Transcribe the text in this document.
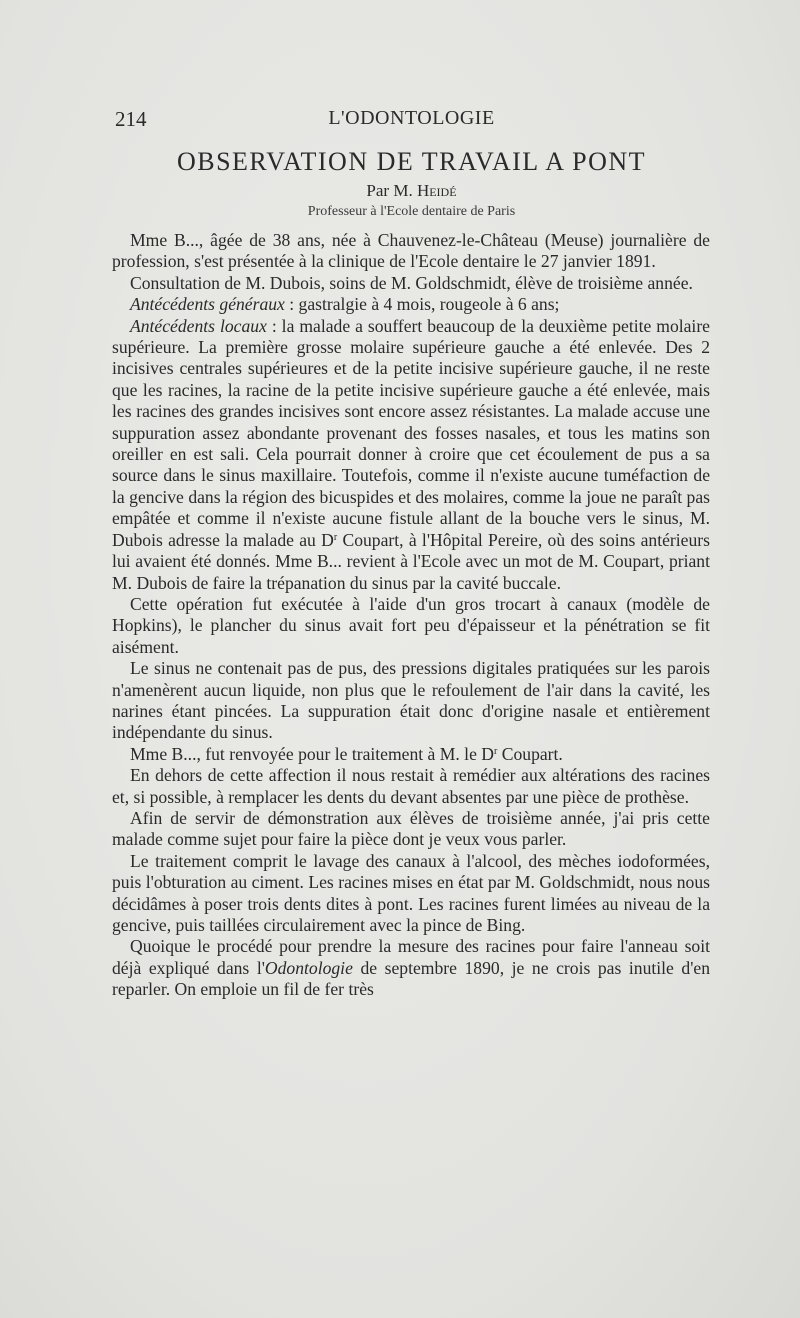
214	L'ODONTOLOGIE
OBSERVATION DE TRAVAIL A PONT
Par M. Heidé
Professeur à l'Ecole dentaire de Paris

Mme B..., âgée de 38 ans, née à Chauvenez-le-Château (Meuse) journalière de profession, s'est présentée à la clinique de l'Ecole dentaire le 27 janvier 1891.

Consultation de M. Dubois, soins de M. Goldschmidt, élève de troisième année.

Antécédents généraux : gastralgie à 4 mois, rougeole à 6 ans;

Antécédents locaux : la malade a souffert beaucoup de la deuxième petite molaire supérieure. La première grosse molaire supérieure gauche a été enlevée. Des 2 incisives centrales supérieures et de la petite incisive supérieure gauche, il ne reste que les racines, la racine de la petite incisive supérieure gauche a été enlevée, mais les racines des grandes incisives sont encore assez résistantes. La malade accuse une suppuration assez abondante provenant des fosses nasales, et tous les matins son oreiller en est sali. Cela pourrait donner à croire que cet écoulement de pus a sa source dans le sinus maxillaire. Toutefois, comme il n'existe aucune tuméfaction de la gencive dans la région des bicuspides et des molaires, comme la joue ne paraît pas empâtée et comme il n'existe aucune fistule allant de la bouche vers le sinus, M. Dubois adresse la malade au $D^r$ Coupart, à l'Hôpital Pereire, où des soins antérieurs lui avaient été donnés. Mme B... revient à l'Ecole avec un mot de M. Coupart, priant M. Dubois de faire la trépanation du sinus par la cavité buccale.

Cette opération fut exécutée à l'aide d'un gros trocart à canaux (modèle de Hopkins), le plancher du sinus avait fort peu d'épaisseur et la pénétration se fit aisément.

Le sinus ne contenait pas de pus, des pressions digitales pratiquées sur les parois n'amenèrent aucun liquide, non plus que le refoulement de l'air dans la cavité, les narines étant pincées. La suppuration était donc d'origine nasale et entièrement indépendante du sinus.

Mme B..., fut renvoyée pour le traitement à M. le $D^r$ Coupart.

En dehors de cette affection il nous restait à remédier aux altérations des racines et, si possible, à remplacer les dents du devant absentes par une pièce de prothèse.

Afin de servir de démonstration aux élèves de troisième année, j'ai pris cette malade comme sujet pour faire la pièce dont je veux vous parler.

Le traitement comprit le lavage des canaux à l'alcool, des mèches iodoformées, puis l'obturation au ciment. Les racines mises en état par M. Goldschmidt, nous nous décidâmes à poser trois dents dites à pont. Les racines furent limées au niveau de la gencive, puis taillées circulairement avec la pince de Bing.

Quoique le procédé pour prendre la mesure des racines pour faire l'anneau soit déjà expliqué dans l'Odontologie de septembre 1890, je ne crois pas inutile d'en reparler. On emploie un fil de fer très
